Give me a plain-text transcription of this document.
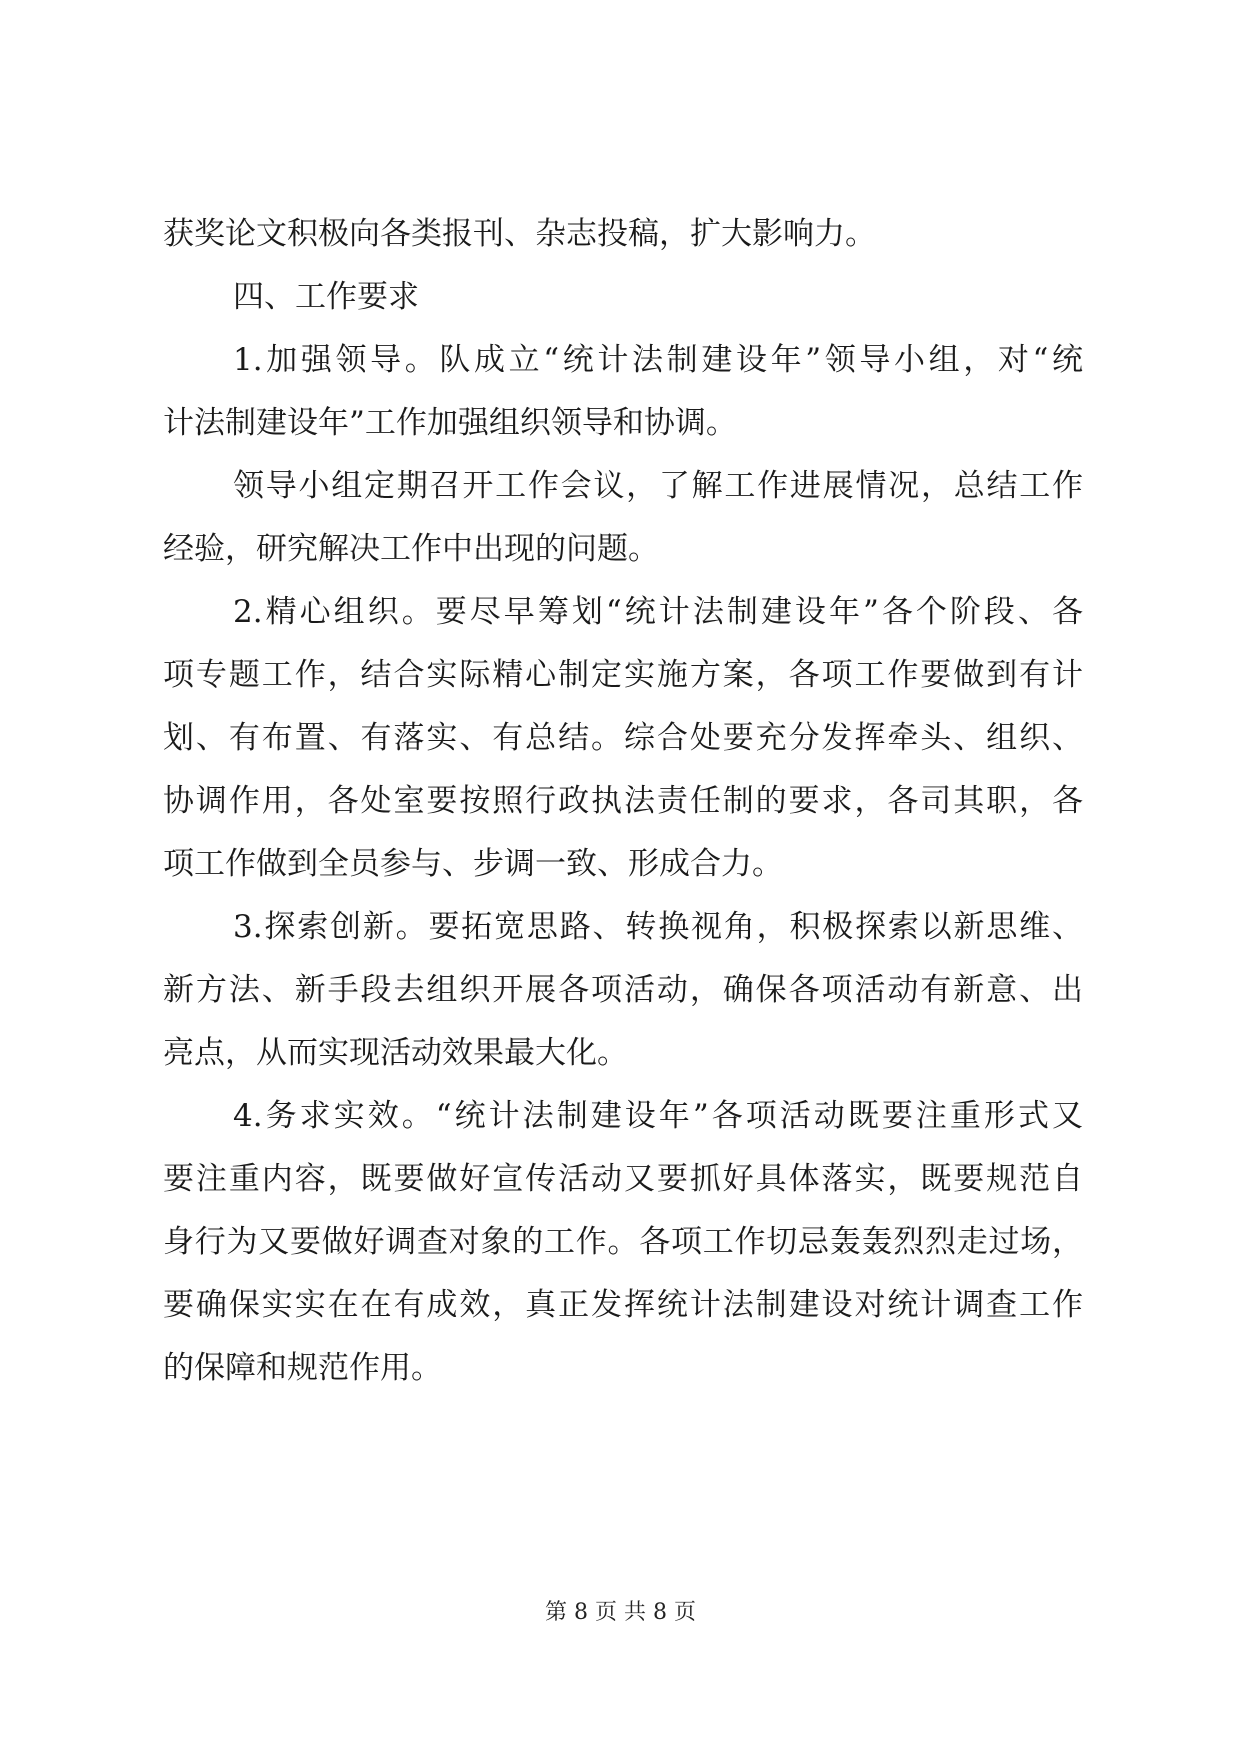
获奖论文积极向各类报刊、杂志投稿，扩大影响力。
四、工作要求
1.加强领导。队成立“统计法制建设年”领导小组，对“统
计法制建设年”工作加强组织领导和协调。
领导小组定期召开工作会议，了解工作进展情况，总结工作
经验，研究解决工作中出现的问题。
2.精心组织。要尽早筹划“统计法制建设年”各个阶段、各
项专题工作，结合实际精心制定实施方案，各项工作要做到有计
划、有布置、有落实、有总结。综合处要充分发挥牵头、组织、
协调作用，各处室要按照行政执法责任制的要求，各司其职，各
项工作做到全员参与、步调一致、形成合力。
3.探索创新。要拓宽思路、转换视角，积极探索以新思维、
新方法、新手段去组织开展各项活动，确保各项活动有新意、出
亮点，从而实现活动效果最大化。
4.务求实效。“统计法制建设年”各项活动既要注重形式又
要注重内容，既要做好宣传活动又要抓好具体落实，既要规范自
身行为又要做好调查对象的工作。各项工作切忌轰轰烈烈走过场，
要确保实实在在有成效，真正发挥统计法制建设对统计调查工作
的保障和规范作用。
第 8 页 共 8 页
